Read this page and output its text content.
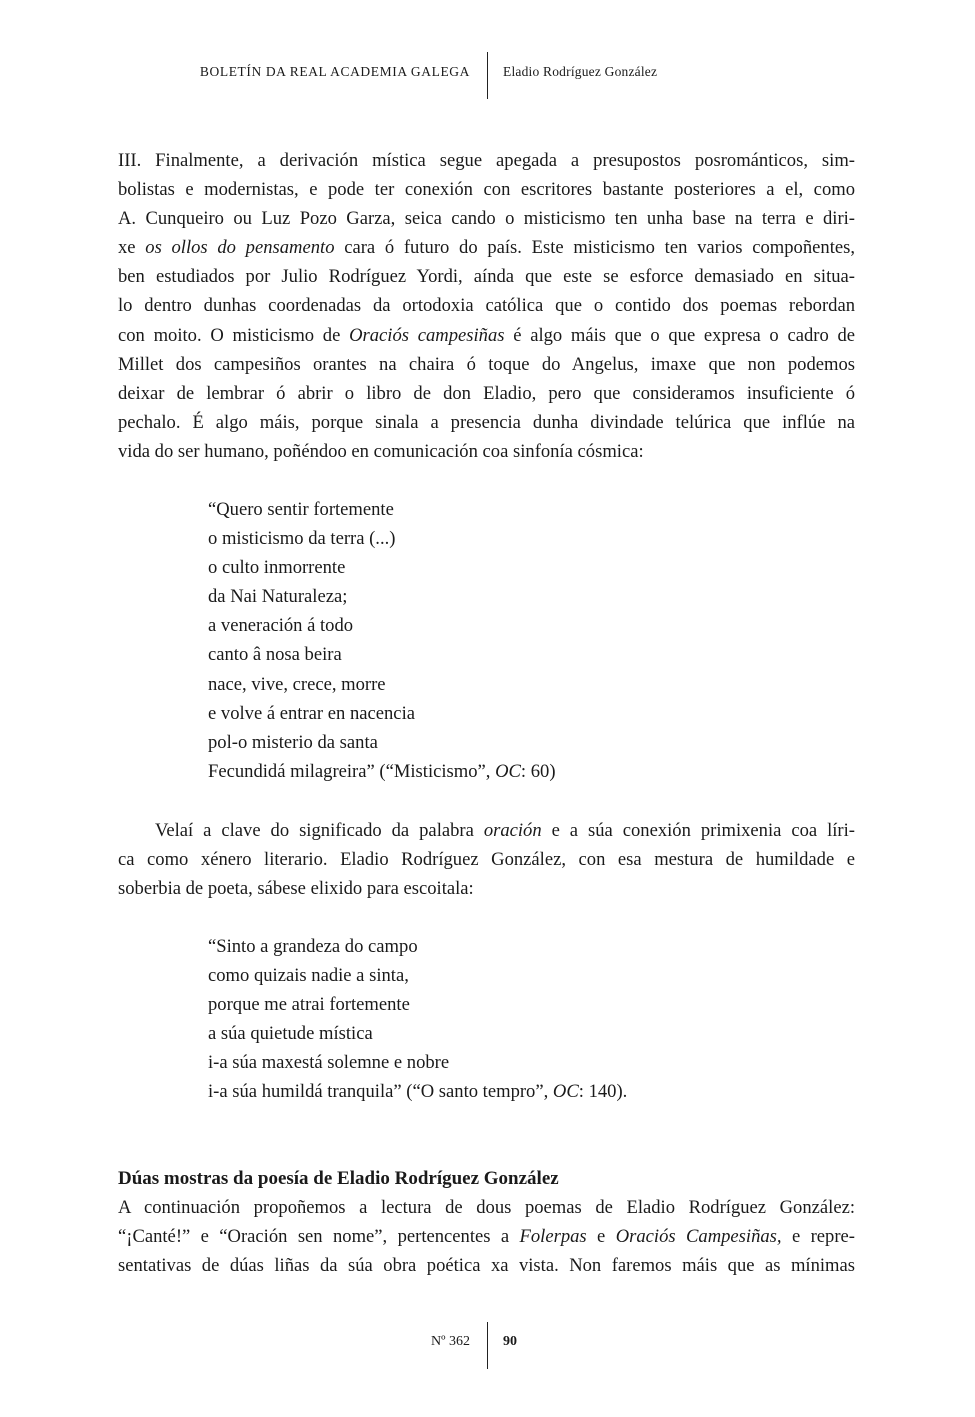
BOLETÍN DA REAL ACADEMIA GALEGA Eladio Rodríguez González
III. Finalmente, a derivación mística segue apegada a presupostos posrománticos, sim-
bolistas e modernistas, e pode ter conexión con escritores bastante posteriores a el, como
A. Cunqueiro ou Luz Pozo Garza, seica cando o misticismo ten unha base na terra e diri-
xe os ollos do pensamento cara ó futuro do país. Este misticismo ten varios compoñentes,
ben estudiados por Julio Rodríguez Yordi, aínda que este se esforce demasiado en situa-
lo dentro dunhas coordenadas da ortodoxia católica que o contido dos poemas rebordan
con moito. O misticismo de Oraciós campesiñas é algo máis que o que expresa o cadro de
Millet dos campesiños orantes na chaira ó toque do Angelus, imaxe que non podemos
deixar de lembrar ó abrir o libro de don Eladio, pero que consideramos insuficiente ó
pechalo. É algo máis, porque sinala a presencia dunha divindade telúrica que inflúe na
vida do ser humano, poñéndoo en comunicación coa sinfonía cósmica:
“Quero sentir fortemente
o misticismo da terra (...)
o culto inmorrente
da Nai Naturaleza;
a veneración á todo
canto â nosa beira
nace, vive, crece, morre
e volve á entrar en nacencia
pol-o misterio da santa
Fecundidá milagreira” (“Misticismo”, OC: 60)
Velaí a clave do significado da palabra oración e a súa conexión primixenia coa líri-
ca como xénero literario. Eladio Rodríguez González, con esa mestura de humildade e
soberbia de poeta, sábese elixido para escoitala:
“Sinto a grandeza do campo
como quizais nadie a sinta,
porque me atrai fortemente
a súa quietude mística
i-a súa maxestá solemne e nobre
i-a súa humildá tranquila” (“O santo tempro”, OC: 140).
Dúas mostras da poesía de Eladio Rodríguez González
A continuación propoñemos a lectura de dous poemas de Eladio Rodríguez González:
“¡Canté!” e “Oración sen nome”, pertencentes a Folerpas e Oraciós Campesiñas, e repre-
sentativas de dúas liñas da súa obra poética xa vista. Non faremos máis que as mínimas
Nº 362 90
